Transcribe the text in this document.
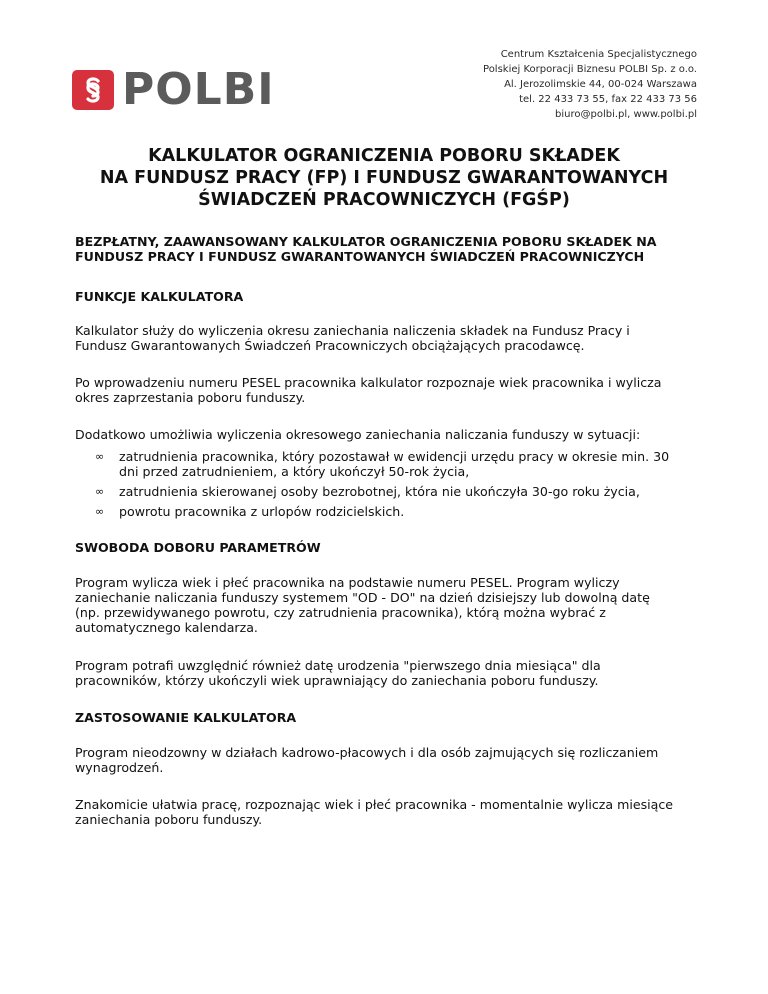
POLBI
Centrum Kształcenia Specjalistycznego
Polskiej Korporacji Biznesu POLBI Sp. z o.o.
Al. Jerozolimskie 44, 00-024 Warszawa
tel. 22 433 73 55, fax 22 433 73 56
biuro@polbi.pl, www.polbi.pl
KALKULATOR OGRANICZENIA POBORU SKŁADEK
NA FUNDUSZ PRACY (FP) I FUNDUSZ GWARANTOWANYCH
ŚWIADCZEŃ PRACOWNICZYCH (FGŚP)
BEZPŁATNY, ZAAWANSOWANY KALKULATOR OGRANICZENIA POBORU SKŁADEK NA
FUNDUSZ PRACY I FUNDUSZ GWARANTOWANYCH ŚWIADCZEŃ PRACOWNICZYCH
FUNKCJE KALKULATORA
Kalkulator służy do wyliczenia okresu zaniechania naliczenia składek na Fundusz Pracy i
Fundusz Gwarantowanych Świadczeń Pracowniczych obciążających pracodawcę.
Po wprowadzeniu numeru PESEL pracownika kalkulator rozpoznaje wiek pracownika i wylicza
okres zaprzestania poboru funduszy.
Dodatkowo umożliwia wyliczenia okresowego zaniechania naliczania funduszy w sytuacji:
∞ zatrudnienia pracownika, który pozostawał w ewidencji urzędu pracy w okresie min. 30
dni przed zatrudnieniem, a który ukończył 50-rok życia,
∞ zatrudnienia skierowanej osoby bezrobotnej, która nie ukończyła 30-go roku życia,
∞ powrotu pracownika z urlopów rodzicielskich.
SWOBODA DOBORU PARAMETRÓW
Program wylicza wiek i płeć pracownika na podstawie numeru PESEL. Program wyliczy
zaniechanie naliczania funduszy systemem "OD - DO" na dzień dzisiejszy lub dowolną datę
(np. przewidywanego powrotu, czy zatrudnienia pracownika), którą można wybrać z
automatycznego kalendarza.
Program potrafi uwzględnić również datę urodzenia "pierwszego dnia miesiąca" dla
pracowników, którzy ukończyli wiek uprawniający do zaniechania poboru funduszy.
ZASTOSOWANIE KALKULATORA
Program nieodzowny w działach kadrowo-płacowych i dla osób zajmujących się rozliczaniem
wynagrodzeń.
Znakomicie ułatwia pracę, rozpoznając wiek i płeć pracownika - momentalnie wylicza miesiące
zaniechania poboru funduszy.
